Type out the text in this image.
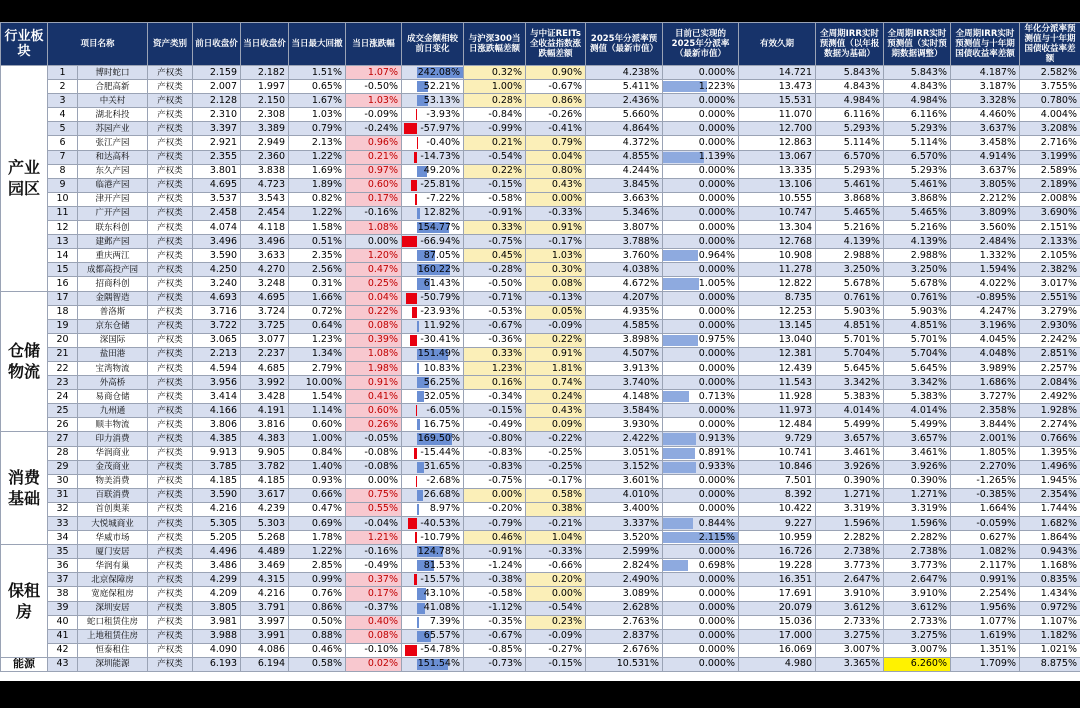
行业板块	项目名称		资产类别	前日收盘价	当日收盘价	当日最大回撤	当日涨跌幅	成交金额相较前日变化	与沪深300当日涨跌幅差额	与中证REITs全收益指数涨跌幅差额	2025年分派率预测值（最新市值）	目前已实现的2025年分派率（最新市值）	有效久期	全周期IRR实时预测值（以年报数据为基础）	全周期IRR实时预测值（实时预期数据调整）	全周期IRR实时预测值与十年期国债收益率差额	年化分派率预测值与十年期国债收益率差额
产业园区	1	博时蛇口	产权类	2.159	2.182	1.51%	1.07%	242.08%	0.32%	0.90%	4.238%	0.000%	14.721	5.843%	5.843%	4.187%	2.582%
	2	合肥高新	产权类	2.007	1.997	0.65%	-0.50%	52.21%	1.00%	-0.67%	5.411%	1.223%	13.473	4.843%	4.843%	3.187%	3.755%
	3	中关村	产权类	2.128	2.150	1.67%	1.03%	53.13%	0.28%	0.86%	2.436%	0.000%	15.531	4.984%	4.984%	3.328%	0.780%
	4	湖北科投	产权类	2.310	2.308	1.03%	-0.09%	-3.93%	-0.84%	-0.26%	5.660%	0.000%	11.070	6.116%	6.116%	4.460%	4.004%
	5	苏园产业	产权类	3.397	3.389	0.79%	-0.24%	-57.97%	-0.99%	-0.41%	4.864%	0.000%	12.700	5.293%	5.293%	3.637%	3.208%
	6	张江产园	产权类	2.921	2.949	2.13%	0.96%	-0.40%	0.21%	0.79%	4.372%	0.000%	12.863	5.114%	5.114%	3.458%	2.716%
	7	和达高科	产权类	2.355	2.360	1.22%	0.21%	-14.73%	-0.54%	0.04%	4.855%	1.139%	13.067	6.570%	6.570%	4.914%	3.199%
	8	东久产园	产权类	3.801	3.838	1.69%	0.97%	49.20%	0.22%	0.80%	4.244%	0.000%	13.335	5.293%	5.293%	3.637%	2.589%
	9	临港产园	产权类	4.695	4.723	1.89%	0.60%	-25.81%	-0.15%	0.43%	3.845%	0.000%	13.106	5.461%	5.461%	3.805%	2.189%
	10	津开产园	产权类	3.537	3.543	0.82%	0.17%	-7.22%	-0.58%	0.00%	3.663%	0.000%	10.555	3.868%	3.868%	2.212%	2.008%
	11	广开产园	产权类	2.458	2.454	1.22%	-0.16%	12.82%	-0.91%	-0.33%	5.346%	0.000%	10.747	5.465%	5.465%	3.809%	3.690%
	12	联东科创	产权类	4.074	4.118	1.58%	1.08%	154.77%	0.33%	0.91%	3.807%	0.000%	13.304	5.216%	5.216%	3.560%	2.151%
	13	建邺产园	产权类	3.496	3.496	0.51%	0.00%	-66.94%	-0.75%	-0.17%	3.788%	0.000%	12.768	4.139%	4.139%	2.484%	2.133%
	14	重庆两江	产权类	3.590	3.633	2.35%	1.20%	87.05%	0.45%	1.03%	3.760%	0.964%	10.908	2.988%	2.988%	1.332%	2.105%
	15	成都高投产园	产权类	4.250	4.270	2.56%	0.47%	160.22%	-0.28%	0.30%	4.038%	0.000%	11.278	3.250%	3.250%	1.594%	2.382%
	16	招商科创	产权类	3.240	3.248	0.31%	0.25%	61.43%	-0.50%	0.08%	4.672%	1.005%	12.822	5.678%	5.678%	4.022%	3.017%
仓储物流	17	金隅智造	产权类	4.693	4.695	1.66%	0.04%	-50.79%	-0.71%	-0.13%	4.207%	0.000%	8.735	0.761%	0.761%	-0.895%	2.551%
	18	普洛斯	产权类	3.716	3.724	0.72%	0.22%	-23.93%	-0.53%	0.05%	4.935%	0.000%	12.253	5.903%	5.903%	4.247%	3.279%
	19	京东仓储	产权类	3.722	3.725	0.64%	0.08%	11.92%	-0.67%	-0.09%	4.585%	0.000%	13.145	4.851%	4.851%	3.196%	2.930%
	20	深国际	产权类	3.065	3.077	1.23%	0.39%	-30.41%	-0.36%	0.22%	3.898%	0.975%	13.040	5.701%	5.701%	4.045%	2.242%
	21	盐田港	产权类	2.213	2.237	1.34%	1.08%	151.49%	0.33%	0.91%	4.507%	0.000%	12.381	5.704%	5.704%	4.048%	2.851%
	22	宝湾物流	产权类	4.594	4.685	2.79%	1.98%	10.83%	1.23%	1.81%	3.913%	0.000%	12.439	5.645%	5.645%	3.989%	2.257%
	23	外高桥	产权类	3.956	3.992	10.00%	0.91%	56.25%	0.16%	0.74%	3.740%	0.000%	11.543	3.342%	3.342%	1.686%	2.084%
	24	易商仓储	产权类	3.414	3.428	1.54%	0.41%	32.05%	-0.34%	0.24%	4.148%	0.713%	11.928	5.383%	5.383%	3.727%	2.492%
	25	九州通	产权类	4.166	4.191	1.14%	0.60%	-6.05%	-0.15%	0.43%	3.584%	0.000%	11.973	4.014%	4.014%	2.358%	1.928%
	26	顺丰物流	产权类	3.806	3.816	0.60%	0.26%	16.75%	-0.49%	0.09%	3.930%	0.000%	12.484	5.499%	5.499%	3.844%	2.274%
消费基础	27	印力消费	产权类	4.385	4.383	1.00%	-0.05%	169.50%	-0.80%	-0.22%	2.422%	0.913%	9.729	3.657%	3.657%	2.001%	0.766%
	28	华润商业	产权类	9.913	9.905	0.84%	-0.08%	-15.44%	-0.83%	-0.25%	3.051%	0.891%	10.741	3.461%	3.461%	1.805%	1.395%
	29	金茂商业	产权类	3.785	3.782	1.40%	-0.08%	31.65%	-0.83%	-0.25%	3.152%	0.933%	10.846	3.926%	3.926%	2.270%	1.496%
	30	物美消费	产权类	4.185	4.185	0.93%	0.00%	-2.68%	-0.75%	-0.17%	3.601%	0.000%	7.501	0.390%	0.390%	-1.265%	1.945%
	31	百联消费	产权类	3.590	3.617	0.66%	0.75%	26.68%	0.00%	0.58%	4.010%	0.000%	8.392	1.271%	1.271%	-0.385%	2.354%
	32	首创奥莱	产权类	4.216	4.239	0.47%	0.55%	8.97%	-0.20%	0.38%	3.400%	0.000%	10.422	3.319%	3.319%	1.664%	1.744%
	33	大悦城商业	产权类	5.305	5.303	0.69%	-0.04%	-40.53%	-0.79%	-0.21%	3.337%	0.844%	9.227	1.596%	1.596%	-0.059%	1.682%
	34	华威市场	产权类	5.205	5.268	1.78%	1.21%	-10.79%	0.46%	1.04%	3.520%	2.115%	10.959	2.282%	2.282%	0.627%	1.864%
保租房	35	厦门安居	产权类	4.496	4.489	1.22%	-0.16%	124.78%	-0.91%	-0.33%	2.599%	0.000%	16.726	2.738%	2.738%	1.082%	0.943%
	36	华润有巢	产权类	3.486	3.469	2.85%	-0.49%	81.53%	-1.24%	-0.66%	2.824%	0.698%	19.228	3.773%	3.773%	2.117%	1.168%
	37	北京保障房	产权类	4.299	4.315	0.99%	0.37%	-15.57%	-0.38%	0.20%	2.490%	0.000%	16.351	2.647%	2.647%	0.991%	0.835%
	38	宽庭保租房	产权类	4.209	4.216	0.76%	0.17%	43.10%	-0.58%	0.00%	3.089%	0.000%	17.691	3.910%	3.910%	2.254%	1.434%
	39	深圳安居	产权类	3.805	3.791	0.86%	-0.37%	41.08%	-1.12%	-0.54%	2.628%	0.000%	20.079	3.612%	3.612%	1.956%	0.972%
	40	蛇口租赁住房	产权类	3.981	3.997	0.50%	0.40%	7.39%	-0.35%	0.23%	2.763%	0.000%	15.036	2.733%	2.733%	1.077%	1.107%
	41	上地租赁住房	产权类	3.988	3.991	0.88%	0.08%	65.57%	-0.67%	-0.09%	2.837%	0.000%	17.000	3.275%	3.275%	1.619%	1.182%
	42	恒泰租住	产权类	4.090	4.086	0.46%	-0.10%	-54.78%	-0.85%	-0.27%	2.676%	0.000%	16.069	3.007%	3.007%	1.351%	1.021%
能源	43	深圳能源	产权类	6.193	6.194	0.58%	0.02%	151.54%	-0.73%	-0.15%	10.531%	0.000%	4.980	3.365%	6.260%	1.709%	8.875%
